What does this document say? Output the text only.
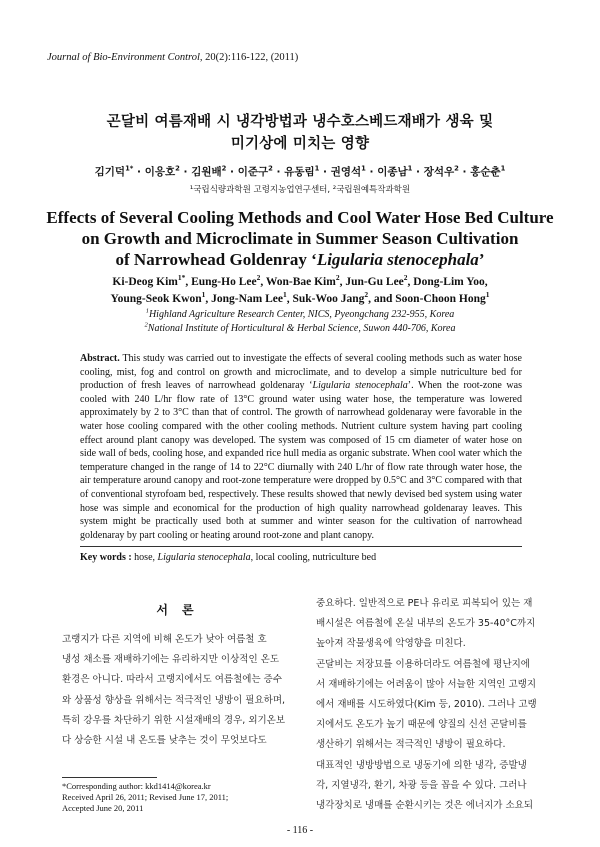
Journal of Bio-Environment Control, 20(2):116-122, (2011)
곤달비 여름재배 시 냉각방법과 냉수호스베드재배가 생육 및
미기상에 미치는 영향
김기덕$^{1*}$ · 이응호$^2$ · 김원배$^2$ · 이준구$^2$ · 유동림$^1$ · 권영석$^1$ · 이종남$^1$ · 장석우$^2$ · 홍순춘$^1$
¹국립식량과학원 고령지농업연구센터, ²국립원예특작과학원
Effects of Several Cooling Methods and Cool Water Hose Bed Culture
on Growth and Microclimate in Summer Season Cultivation
of Narrowhead Goldenray ‘Ligularia stenocephala’
Ki-Deog Kim$^{1*}$, Eung-Ho Lee$^2$, Won-Bae Kim$^2$, Jun-Gu Lee$^2$, Dong-Lim Yoo,
Young-Seok Kwon$^1$, Jong-Nam Lee$^1$, Suk-Woo Jang$^2$, and Soon-Choon Hong$^1$
$^1$Highland Agriculture Research Center, NICS, Pyeongchang 232-955, Korea
$^2$National Institute of Horticultural & Herbal Science, Suwon 440-706, Korea
Abstract. This study was carried out to investigate the effects of several cooling methods such as water hose cooling, mist, fog and control on growth and microclimate, and to develop a simple nutriculture bed for production of fresh leaves of narrowhead goldenaray ‘Ligularia stenocephala’. When the root-zone was cooled with 240 L/hr flow rate of 13°C ground water using water hose, the temperature was lowered approximately by 2 to 3°C than that of control. The growth of narrowhead goldenaray were favorable in the water hose cooling compared with the other cooling methods. Nutrient culture system having part cooling effect around plant canopy was developed. The system was composed of 15 cm diameter of water hose on side wall of beds, cooling hose, and expanded rice hull media as organic substrate. When cool water which the temperature changed in the range of 14 to 22°C diurnally with 240 L/hr of flow rate through water hose, the air temperature around canopy and root-zone temperature were dropped by 0.5°C and 3°C compared with that of conventional styrofoam bed, respectively. These results showed that newly devised bed system using water hose was simple and economical for the production of high quality narrowhead goldenaray leaves. This system might be practically used both at summer and winter season for the cultivation of narrowhead goldenaray by part cooling or heating around root-zone and plant canopy.
Key words : hose, Ligularia stenocephala, local cooling, nutriculture bed
서론
고랭지가 다른 지역에 비해 온도가 낮아 여름철 호
냉성 채소를 재배하기에는 유리하지만 이상적인 온도
환경은 아니다. 따라서 고랭지에서도 여름철에는 증수
와 상품성 향상을 위해서는 적극적인 냉방이 필요하며,
특히 강우를 차단하기 위한 시설재배의 경우, 외기온보
다 상승한 시설 내 온도를 낮추는 것이 무엇보다도
중요하다. 일반적으로 PE나 유리로 피복되어 있는 재
배시설은 여름철에 온실 내부의 온도가 35-40°C까지
높아져 작물생육에 악영향을 미친다.
곤달비는 저장묘를 이용하더라도 여름철에 평난지에
서 재배하기에는 어려움이 많아 서늘한 지역인 고랭지
에서 재배를 시도하였다(Kim 등, 2010). 그러나 고랭
지에서도 온도가 높기 때문에 양질의 신선 곤달비를
생산하기 위해서는 적극적인 냉방이 필요하다.
대표적인 냉방방법으로 냉동기에 의한 냉각, 증발냉
각, 지열냉각, 환기, 차광 등을 꼽을 수 있다. 그러나
냉각장치로 냉매를 순환시키는 것은 에너지가 소요되
*Corresponding author: kkd1414@korea.kr
Received April 26, 2011; Revised June 17, 2011;
Accepted June 20, 2011
- 116 -
